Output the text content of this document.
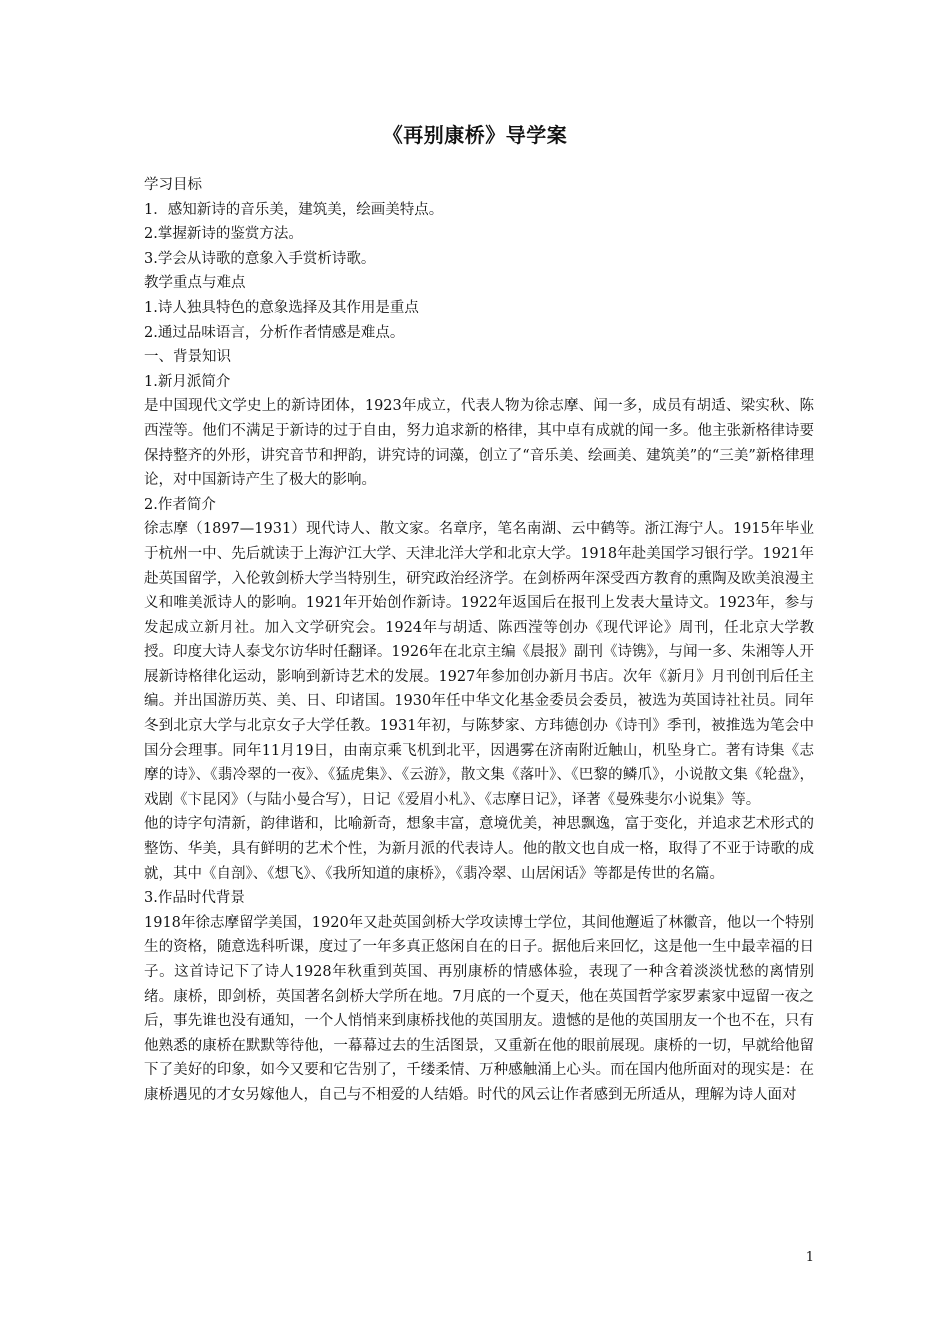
《再别康桥》导学案
学习目标
1．感知新诗的音乐美，建筑美，绘画美特点。
2.掌握新诗的鉴赏方法。
3.学会从诗歌的意象入手赏析诗歌。
教学重点与难点
1.诗人独具特色的意象选择及其作用是重点
2.通过品味语言，分析作者情感是难点。
一、背景知识
1.新月派简介
是中国现代文学史上的新诗团体，1923年成立，代表人物为徐志摩、闻一多，成员有胡适、梁实秋、陈西滢等。他们不满足于新诗的过于自由，努力追求新的格律，其中卓有成就的闻一多。他主张新格律诗要保持整齐的外形，讲究音节和押韵，讲究诗的词藻，创立了“音乐美、绘画美、建筑美”的“三美”新格律理论，对中国新诗产生了极大的影响。
2.作者简介
徐志摩（1897—1931）现代诗人、散文家。名章序，笔名南湖、云中鹤等。浙江海宁人。1915年毕业于杭州一中、先后就读于上海沪江大学、天津北洋大学和北京大学。1918年赴美国学习银行学。1921年赴英国留学，入伦敦剑桥大学当特别生，研究政治经济学。在剑桥两年深受西方教育的熏陶及欧美浪漫主义和唯美派诗人的影响。1921年开始创作新诗。1922年返国后在报刊上发表大量诗文。1923年，参与发起成立新月社。加入文学研究会。1924年与胡适、陈西滢等创办《现代评论》周刊，任北京大学教授。印度大诗人泰戈尔访华时任翻译。1926年在北京主编《晨报》副刊《诗镌》，与闻一多、朱湘等人开展新诗格律化运动，影响到新诗艺术的发展。1927年参加创办新月书店。次年《新月》月刊创刊后任主编。并出国游历英、美、日、印诸国。1930年任中华文化基金委员会委员，被选为英国诗社社员。同年冬到北京大学与北京女子大学任教。1931年初，与陈梦家、方玮德创办《诗刊》季刊，被推选为笔会中国分会理事。同年11月19日，由南京乘飞机到北平，因遇雾在济南附近触山，机坠身亡。著有诗集《志摩的诗》、《翡冷翠的一夜》、《猛虎集》、《云游》，散文集《落叶》、《巴黎的鳞爪》，小说散文集《轮盘》，戏剧《卞昆冈》（与陆小曼合写），日记《爱眉小札》、《志摩日记》，译著《曼殊斐尔小说集》等。
他的诗字句清新，韵律谐和，比喻新奇，想象丰富，意境优美，神思飘逸，富于变化，并追求艺术形式的整饬、华美，具有鲜明的艺术个性，为新月派的代表诗人。他的散文也自成一格，取得了不亚于诗歌的成就，其中《自剖》、《想飞》、《我所知道的康桥》，《翡冷翠、山居闲话》等都是传世的名篇。
3.作品时代背景
1918年徐志摩留学美国，1920年又赴英国剑桥大学攻读博士学位，其间他邂逅了林徽音，他以一个特别生的资格，随意选科听课，度过了一年多真正悠闲自在的日子。据他后来回忆，这是他一生中最幸福的日子。这首诗记下了诗人1928年秋重到英国、再别康桥的情感体验，表现了一种含着淡淡忧愁的离情别绪。康桥，即剑桥，英国著名剑桥大学所在地。7月底的一个夏天，他在英国哲学家罗素家中逗留一夜之后，事先谁也没有通知，一个人悄悄来到康桥找他的英国朋友。遗憾的是他的英国朋友一个也不在，只有他熟悉的康桥在默默等待他，一幕幕过去的生活图景，又重新在他的眼前展现。康桥的一切，早就给他留下了美好的印象，如今又要和它告别了，千缕柔情、万种感触涌上心头。而在国内他所面对的现实是：在康桥遇见的才女另嫁他人，自己与不相爱的人结婚。时代的风云让作者感到无所适从，理解为诗人面对
1
